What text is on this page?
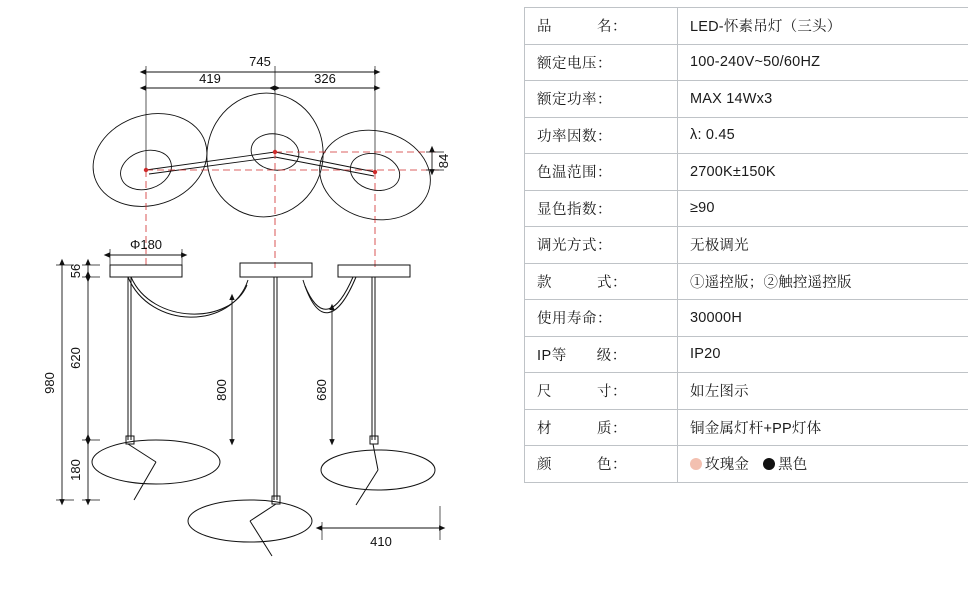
745
419	326
84
Φ180
56
620
180
980	800	680
410
品　　　名：	LED-怀素吊灯（三头）
额定电压：	100-240V~50/60HZ
额定功率：	MAX 14Wx3
功率因数：	λ: 0.45
色温范围：	2700K±150K
显色指数：	≥90
调光方式：	无极调光
款　　　式：	①遥控版；②触控遥控版
使用寿命：	30000H
IP等　　级：	IP20
尺　　　寸：	如左图示
材　　　质：	铜金属灯杆+PP灯体
颜　　　色：	玫瑰金 黑色
